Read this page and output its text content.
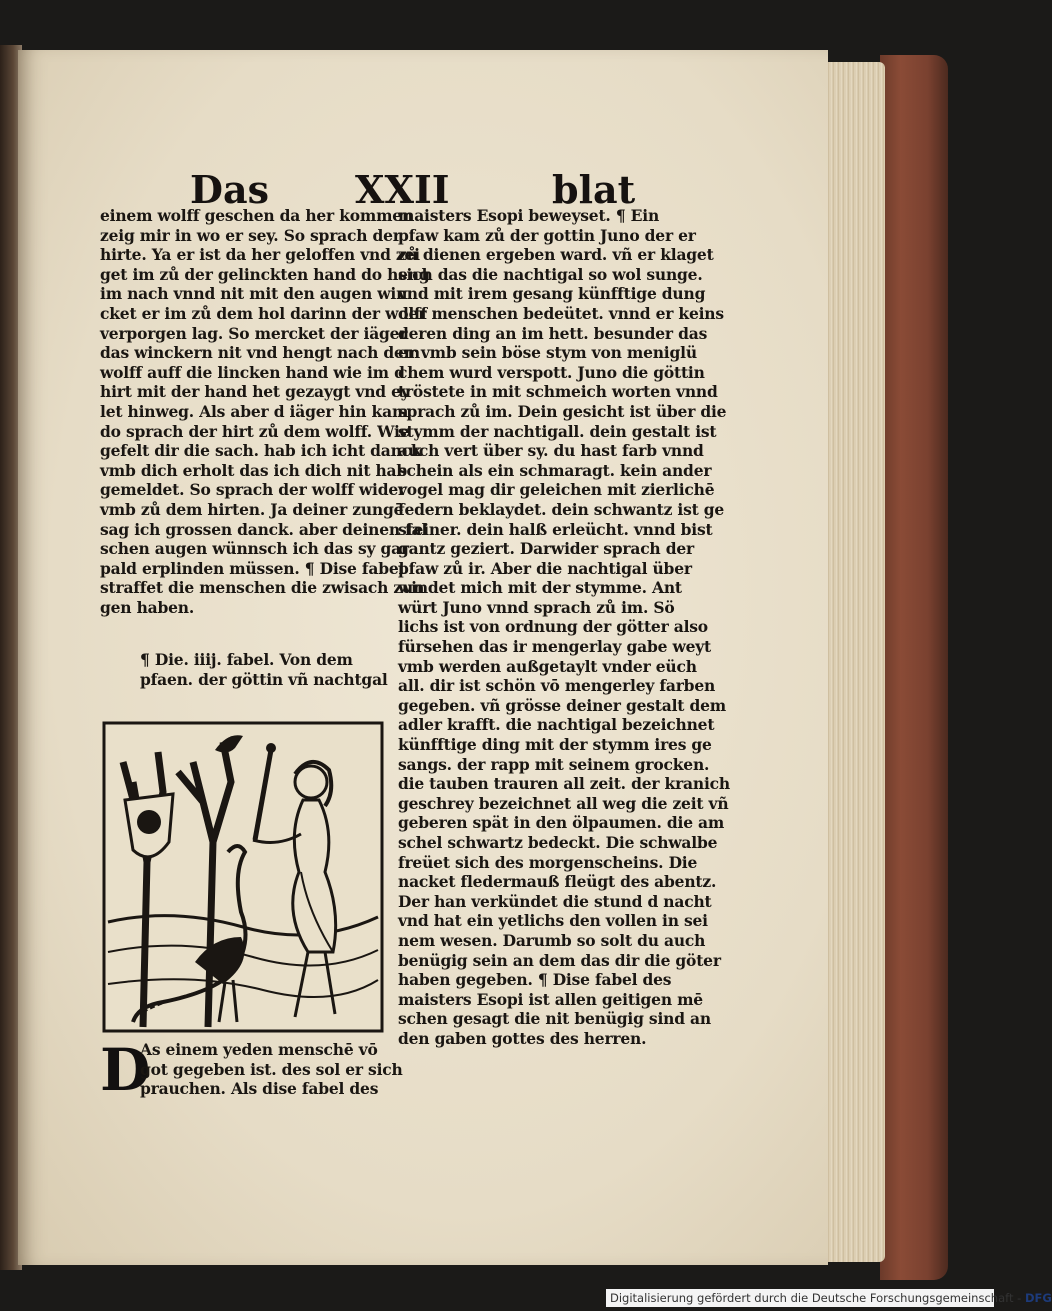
Das XXII	blat
einem wolff geschen da her kommen
zeig mir in wo er sey. So sprach der
hirte. Ya er ist da her geloffen vnd zei
get im zů der gelinckten hand do heng
im nach vnnd nit mit den augen win
cket er im zů dem hol darinn der wolff
verporgen lag. So mercket der iäger
das winckern nit vnd hengt nach dem
wolff auff die lincken hand wie im d
hirt mit der hand het gezaygt vnd ey
let hinweg. Als aber d iäger hin kam
do sprach der hirt zů dem wolff. Wie
gefelt dir die sach. hab ich icht danck
vmb dich erholt das ich dich nit hab
gemeldet. So sprach der wolff wider
vmb zů dem hirten. Ja deiner zungē
sag ich grossen danck. aber deinen fal
schen augen wünnsch ich das sy gar
pald erplinden müssen. ¶ Dise fabel
straffet die menschen die zwisach zun
gen haben.
¶ Die. iiij. fabel. Von dem
pfaen. der göttin vñ nachtgal
D
As einem yeden menschē vō
got gegeben ist. des sol er sich
prauchen. Als dise fabel des
maisters Esopi beweyset. ¶ Ein
pfaw kam zů der gottin Juno der er
zů dienen ergeben ward. vñ er klaget
sich das die nachtigal so wol sunge.
vnd mit irem gesang künfftige dung
der menschen bedeütet. vnnd er keins
deren ding an im hett. besunder das
er vmb sein böse stym von meniglü
chem wurd verspott. Juno die göttin
tröstete in mit schmeich worten vnnd
sprach zů im. Dein gesicht ist über die
stymm der nachtigall. dein gestalt ist
auch vert über sy. du hast farb vnnd
schein als ein schmaragt. kein ander
vogel mag dir geleichen mit zierlichē
federn beklaydet. dein schwantz ist ge
steiner. dein halß erleücht. vnnd bist
gantz geziert. Darwider sprach der
pfaw zů ir. Aber die nachtigal über
windet mich mit der stymme. Ant
würt Juno vnnd sprach zů im. Sö
lichs ist von ordnung der götter also
fürsehen das ir mengerlay gabe weyt
vmb werden außgetaylt vnder eüch
all. dir ist schön vō mengerley farben
gegeben. vñ grösse deiner gestalt dem
adler krafft. die nachtigal bezeichnet
künfftige ding mit der stymm ires ge
sangs. der rapp mit seinem grocken.
die tauben trauren all zeit. der kranich
geschrey bezeichnet all weg die zeit vñ
geberen spät in den ölpaumen. die am
schel schwartz bedeckt. Die schwalbe
freüet sich des morgenscheins. Die
nacket fledermauß fleügt des abentz.
Der han verkündet die stund d nacht
vnd hat ein yetlichs den vollen in sei
nem wesen. Darumb so solt du auch
benügig sein an dem das dir die göter
haben gegeben. ¶ Dise fabel des
maisters Esopi ist allen geitigen mē
schen gesagt die nit benügig sind an
den gaben gottes des herren.
Digitalisierung gefördert durch die Deutsche Forschungsgemeinschaft - DFG
